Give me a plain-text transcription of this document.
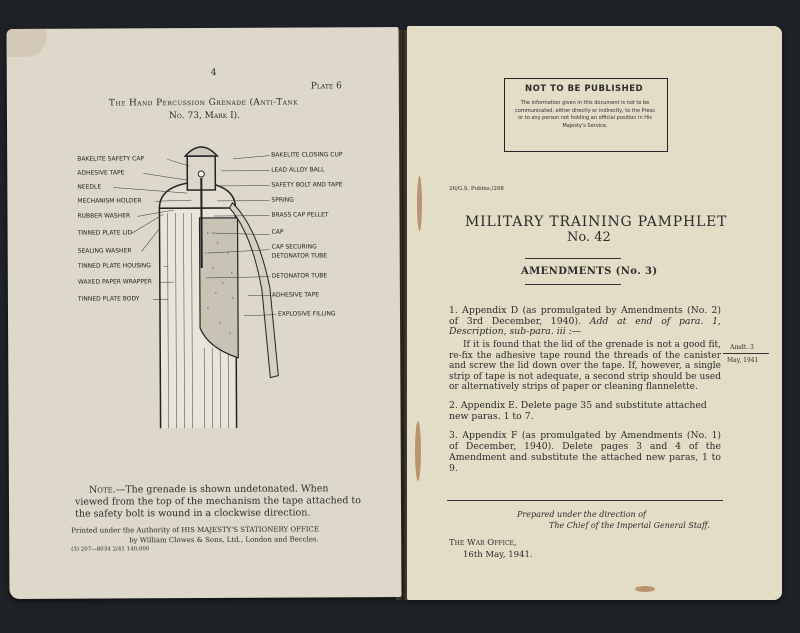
4
Plate 6
The Hand Percussion Grenade (Anti-Tank
No. 73, Mark I).
BAKELITE SAFETY CAP
ADHESIVE TAPE
NEEDLE
MECHANISM HOLDER
RUBBER WASHER
TINNED PLATE LID
SEALING WASHER
TINNED PLATE HOUSING
WAXED PAPER WRAPPER
TINNED PLATE BODY
BAKELITE CLOSING CUP
LEAD ALLOY BALL
SAFETY BOLT AND TAPE
SPRING
BRASS CAP PELLET
CAP
CAP SECURING
DETONATOR TUBE
DETONATOR TUBE
ADHESIVE TAPE
EXPLOSIVE FILLING
Note.—The grenade is shown undetonated. When viewed from the top of the mechanism the tape attached to the safety bolt is wound in a clockwise direction.
Printed under the Authority of HIS MAJESTY'S STATIONERY OFFICE
by William Clowes & Sons, Ltd., London and Beccles.
(3) 207—8034 2/41 140,000
NOT TO BE PUBLISHED
The information given in this document is not to be communicated, either directly or indirectly, to the Press or to any person not holding an official position in His Majesty's Service.
26/G.S. Publns./298
MILITARY TRAINING PAMPHLET
No. 42
AMENDMENTS (No. 3)
1. Appendix D (as promulgated by Amendments (No. 2) of 3rd December, 1940). Add at end of para. 1, Description, sub-para. iii :—
If it is found that the lid of the grenade is not a good fit, re-fix the adhesive tape round the threads of the canister and screw the lid down over the tape. If, however, a single strip of tape is not adequate, a second strip should be used or alternatively strips of paper or cleaning flannelette.
Amdt. 3
May, 1941
2. Appendix E. Delete page 35 and substitute attached new paras. 1 to 7.
3. Appendix F (as promulgated by Amendments (No. 1) of December, 1940). Delete pages 3 and 4 of the Amendment and substitute the attached new paras, 1 to 9.
Prepared under the direction of
The Chief of the Imperial General Staff.
The War Office,
16th May, 1941.
